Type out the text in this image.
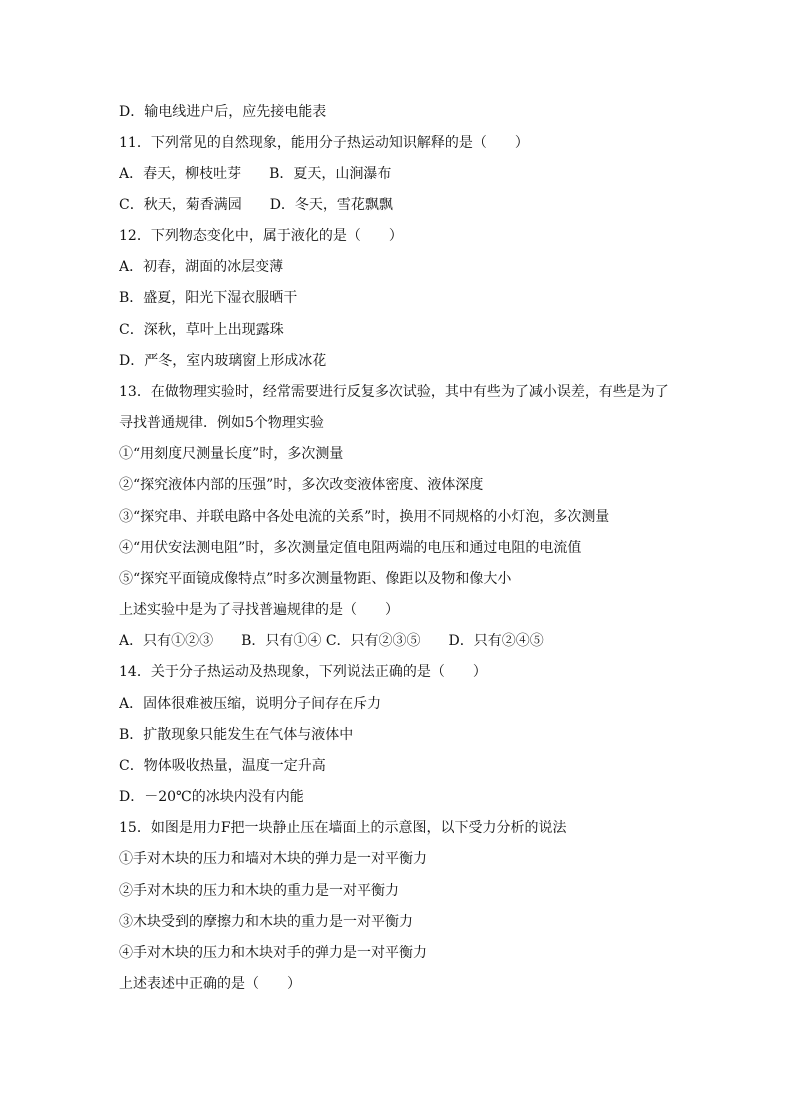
D．输电线进户后，应先接电能表
11．下列常见的自然现象，能用分子热运动知识解释的是（　　）
A．春天，柳枝吐芽　　B．夏天，山涧瀑布
C．秋天，菊香满园　　D．冬天，雪花飘飘
12．下列物态变化中，属于液化的是（　　）
A．初春，湖面的冰层变薄
B．盛夏，阳光下湿衣服晒干
C．深秋，草叶上出现露珠
D．严冬，室内玻璃窗上形成冰花
13．在做物理实验时，经常需要进行反复多次试验，其中有些为了减小误差，有些是为了
寻找普通规律．例如5个物理实验
①“用刻度尺测量长度”时，多次测量
②“探究液体内部的压强”时，多次改变液体密度、液体深度
③“探究串、并联电路中各处电流的关系”时，换用不同规格的小灯泡，多次测量
④“用伏安法测电阻”时，多次测量定值电阻两端的电压和通过电阻的电流值
⑤“探究平面镜成像特点”时多次测量物距、像距以及物和像大小
上述实验中是为了寻找普遍规律的是（　　）
A．只有①②③　　B．只有①④ C．只有②③⑤　　D．只有②④⑤
14．关于分子热运动及热现象，下列说法正确的是（　　）
A．固体很难被压缩，说明分子间存在斥力
B．扩散现象只能发生在气体与液体中
C．物体吸收热量，温度一定升高
D．－20℃的冰块内没有内能
15．如图是用力F把一块静止压在墙面上的示意图，以下受力分析的说法
①手对木块的压力和墙对木块的弹力是一对平衡力
②手对木块的压力和木块的重力是一对平衡力
③木块受到的摩擦力和木块的重力是一对平衡力
④手对木块的压力和木块对手的弹力是一对平衡力
上述表述中正确的是（　　）
